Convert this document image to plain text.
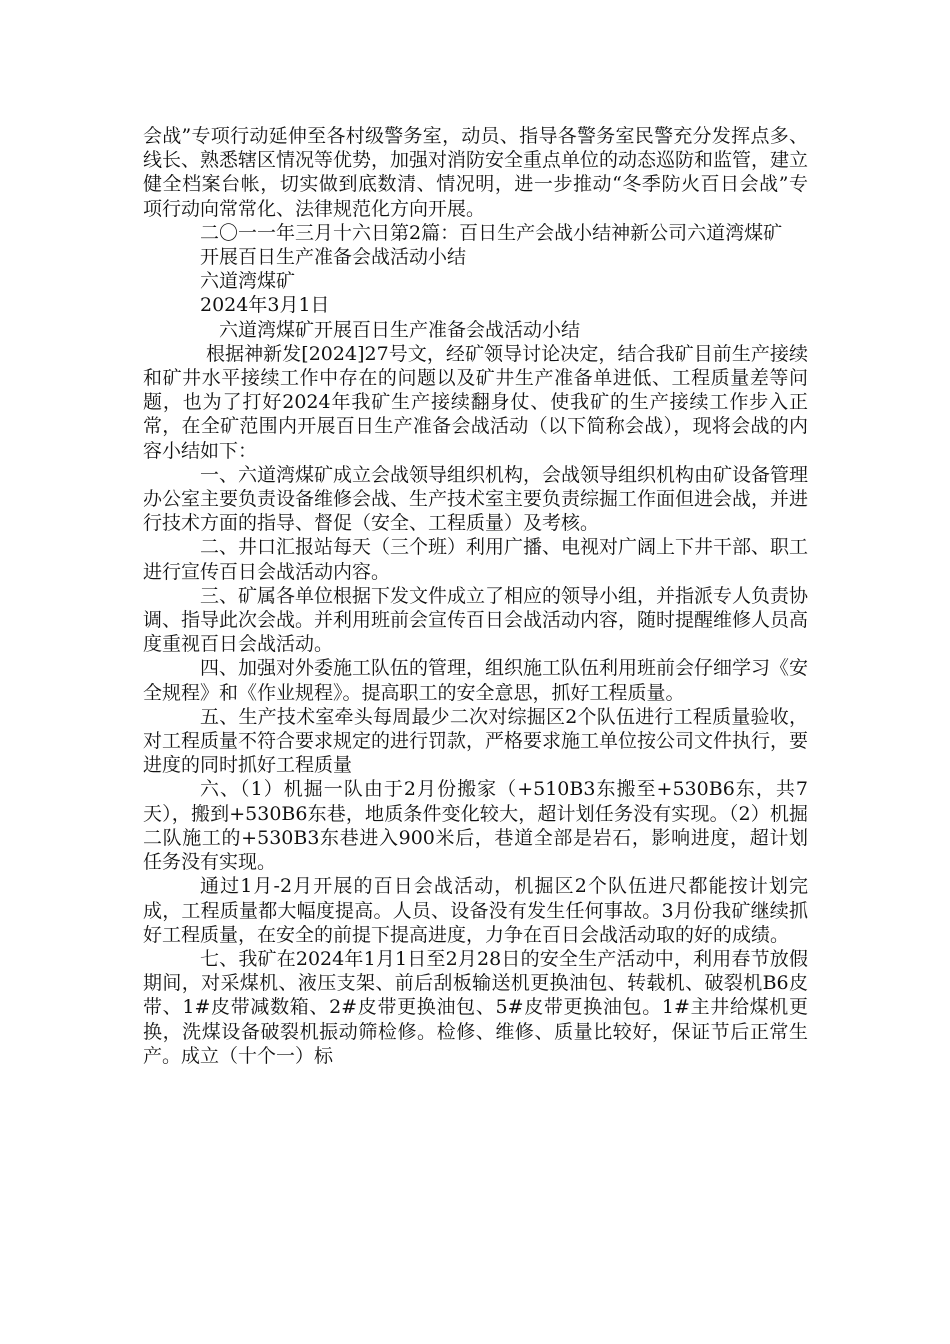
会战”专项行动延伸至各村级警务室，动员、指导各警务室民警充分发挥点多、线长、熟悉辖区情况等优势，加强对消防安全重点单位的动态巡防和监管，建立健全档案台帐，切实做到底数清、情况明，进一步推动“冬季防火百日会战”专项行动向常常化、法律规范化方向开展。

二〇一一年三月十六日第2篇：百日生产会战小结神新公司六道湾煤矿

开展百日生产准备会战活动小结

六道湾煤矿

2024年3月1日

六道湾煤矿开展百日生产准备会战活动小结

根据神新发[2024]27号文，经矿领导讨论决定，结合我矿目前生产接续和矿井水平接续工作中存在的问题以及矿井生产准备单进低、工程质量差等问题，也为了打好2024年我矿生产接续翻身仗、使我矿的生产接续工作步入正常，在全矿范围内开展百日生产准备会战活动（以下简称会战），现将会战的内容小结如下：

一、六道湾煤矿成立会战领导组织机构，会战领导组织机构由矿设备管理办公室主要负责设备维修会战、生产技术室主要负责综掘工作面但进会战，并进行技术方面的指导、督促（安全、工程质量）及考核。

二、井口汇报站每天（三个班）利用广播、电视对广阔上下井干部、职工进行宣传百日会战活动内容。

三、矿属各单位根据下发文件成立了相应的领导小组，并指派专人负责协调、指导此次会战。并利用班前会宣传百日会战活动内容，随时提醒维修人员高度重视百日会战活动。

四、加强对外委施工队伍的管理，组织施工队伍利用班前会仔细学习《安全规程》和《作业规程》。提高职工的安全意思，抓好工程质量。

五、生产技术室牵头每周最少二次对综掘区2个队伍进行工程质量验收，对工程质量不符合要求规定的进行罚款，严格要求施工单位按公司文件执行，要进度的同时抓好工程质量

六、（1）机掘一队由于2月份搬家（+510B3东搬至+530B6东，共7天），搬到+530B6东巷，地质条件变化较大，超计划任务没有实现。（2）机掘二队施工的+530B3东巷进入900米后，巷道全部是岩石，影响进度，超计划任务没有实现。

通过1月-2月开展的百日会战活动，机掘区2个队伍进尺都能按计划完成，工程质量都大幅度提高。人员、设备没有发生任何事故。3月份我矿继续抓好工程质量，在安全的前提下提高进度，力争在百日会战活动取的好的成绩。

七、我矿在2024年1月1日至2月28日的安全生产活动中，利用春节放假期间，对采煤机、液压支架、前后刮板输送机更换油包、转载机、破裂机B6皮带、1#皮带减数箱、2#皮带更换油包、5#皮带更换油包。1#主井给煤机更换，洗煤设备破裂机振动筛检修。检修、维修、质量比较好，保证节后正常生产。成立（十个一）标
